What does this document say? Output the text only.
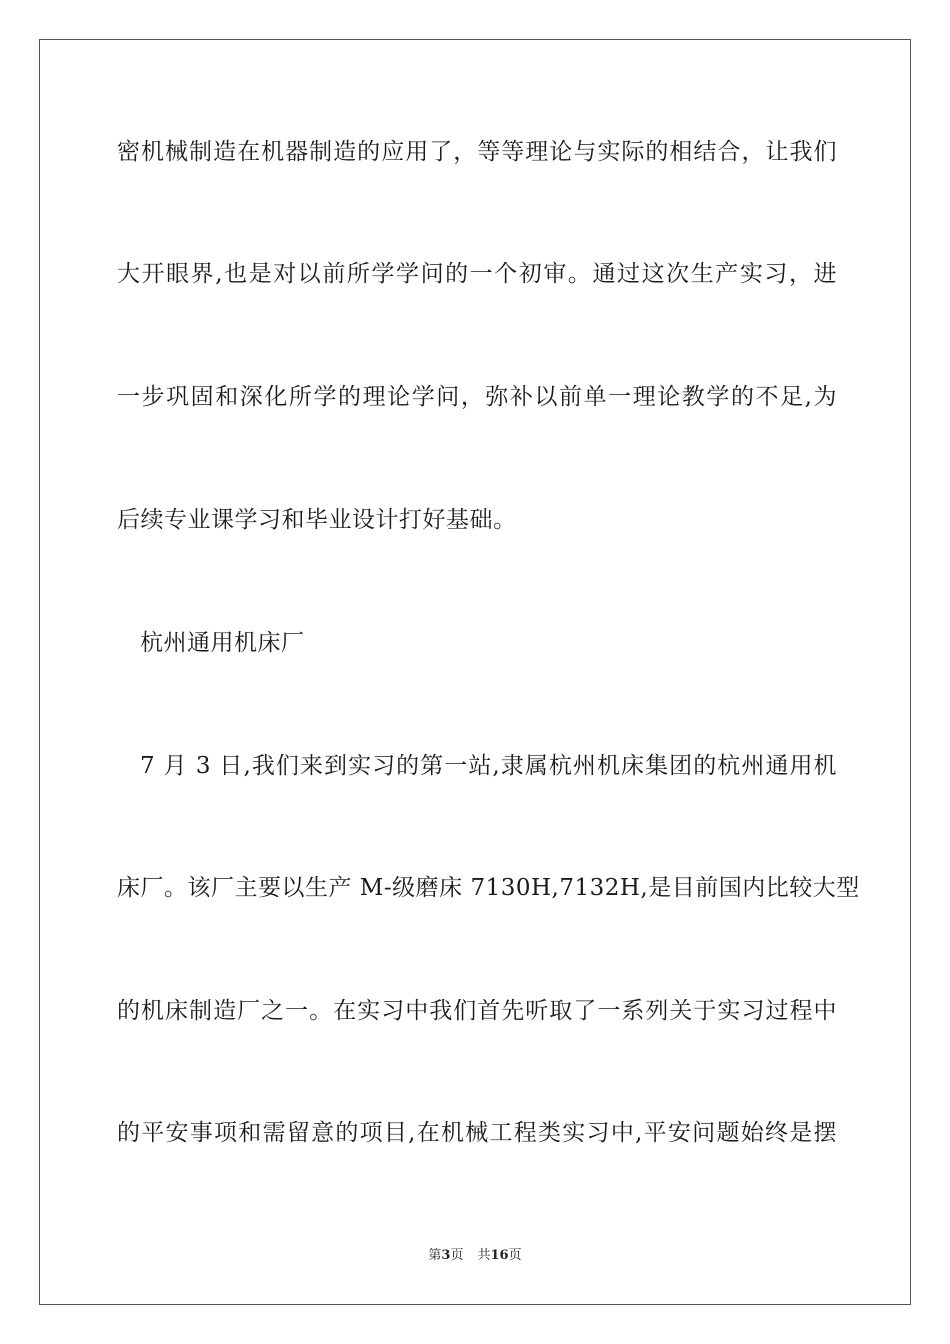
密机械制造在机器制造的应用了，等等理论与实际的相结合，让我们
大开眼界,也是对以前所学学问的一个初审。通过这次生产实习，进
一步巩固和深化所学的理论学问，弥补以前单一理论教学的不足,为
后续专业课学习和毕业设计打好基础。
杭州通用机床厂
7 月 3 日,我们来到实习的第一站,隶属杭州机床集团的杭州通用机
床厂。该厂主要以生产 M-级磨床 7130H,7132H,是目前国内比较大型
的机床制造厂之一。在实习中我们首先听取了一系列关于实习过程中
的平安事项和需留意的项目,在机械工程类实习中,平安问题始终是摆
第3页 共16页
